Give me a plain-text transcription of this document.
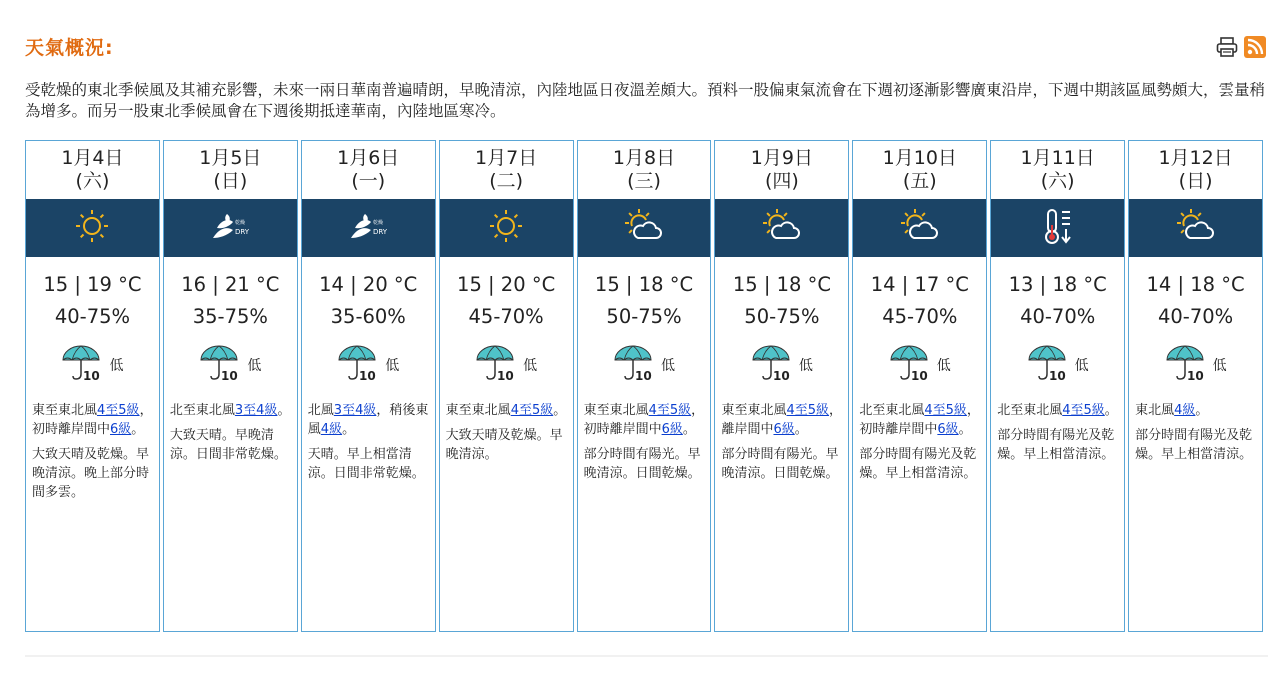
天氣概況:
受乾燥的東北季候風及其補充影響，未來一兩日華南普遍晴朗，早晚清涼，內陸地區日夜溫差頗大。預料一股偏東氣流會在下週初逐漸影響廣東沿岸，下週中期該區風勢頗大，雲量稍為增多。而另一股東北季候風會在下週後期抵達華南，內陸地區寒冷。
1月4日
(六)
15 | 19 °C
40-75%
10
低
東至東北風4至5級，初時離岸間中6級。
大致天晴及乾燥。早晚清涼。晚上部分時間多雲。
1月5日
(日)
乾燥
DRY
16 | 21 °C
35-75%
10
低
北至東北風3至4級。
大致天晴。早晚清涼。日間非常乾燥。
1月6日
(一)
乾燥
DRY
14 | 20 °C
35-60%
10
低
北風3至4級，稍後東風4級。
天晴。早上相當清涼。日間非常乾燥。
1月7日
(二)
15 | 20 °C
45-70%
10
低
東至東北風4至5級。
大致天晴及乾燥。早晚清涼。
1月8日
(三)
15 | 18 °C
50-75%
10
低
東至東北風4至5級，初時離岸間中6級。
部分時間有陽光。早晚清涼。日間乾燥。
1月9日
(四)
15 | 18 °C
50-75%
10
低
東至東北風4至5級，離岸間中6級。
部分時間有陽光。早晚清涼。日間乾燥。
1月10日
(五)
14 | 17 °C
45-70%
10
低
北至東北風4至5級，初時離岸間中6級。
部分時間有陽光及乾燥。早上相當清涼。
1月11日
(六)
13 | 18 °C
40-70%
10
低
北至東北風4至5級。
部分時間有陽光及乾燥。早上相當清涼。
1月12日
(日)
14 | 18 °C
40-70%
10
低
東北風4級。
部分時間有陽光及乾燥。早上相當清涼。
